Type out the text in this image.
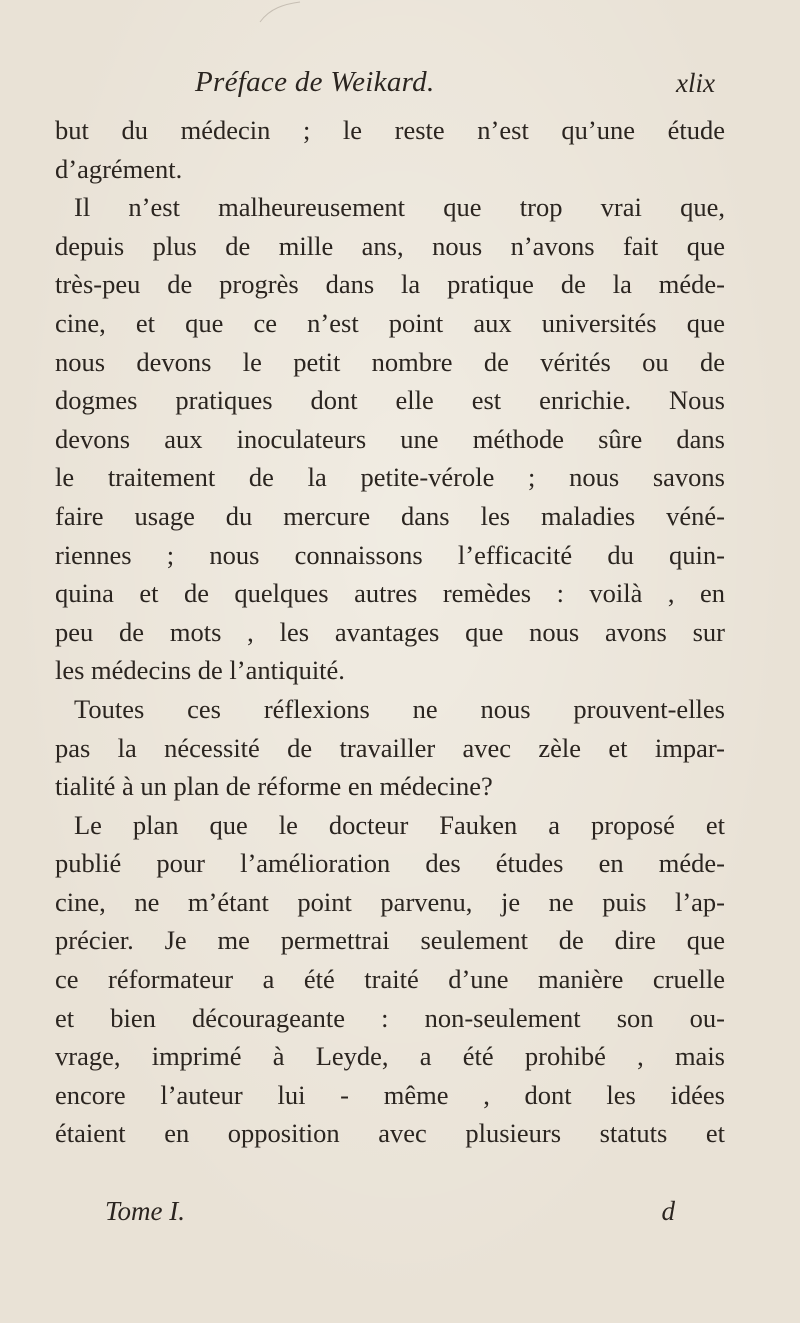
Préface de Weikard.	xlix

but du médecin ; le reste n’est qu’une étude
d’agrément.

Il n’est malheureusement que trop vrai que,

depuis plus de mille ans, nous n’avons fait que
très-peu de progrès dans la pratique de la méde-
cine, et que ce n’est point aux universités que
nous devons le petit nombre de vérités ou de
dogmes pratiques dont elle est enrichie. Nous
devons aux inoculateurs une méthode sûre dans
le traitement de la petite-vérole ; nous savons
faire usage du mercure dans les maladies véné-
riennes ; nous connaissons l’efficacité du quin-
quina et de quelques autres remèdes : voilà , en
peu de mots , les avantages que nous avons sur
les médecins de l’antiquité.

Toutes ces réflexions ne nous prouvent-elles

pas la nécessité de travailler avec zèle et impar-
tialité à un plan de réforme en médecine?

Le plan que le docteur Fauken a proposé et

publié pour l’amélioration des études en méde-
cine, ne m’étant point parvenu, je ne puis l’ap-
précier. Je me permettrai seulement de dire que
ce réformateur a été traité d’une manière cruelle
et bien décourageante : non-seulement son ou-
vrage, imprimé à Leyde, a été prohibé , mais
encore l’auteur lui - même , dont les idées
étaient en opposition avec plusieurs statuts et

Tome I.	d
